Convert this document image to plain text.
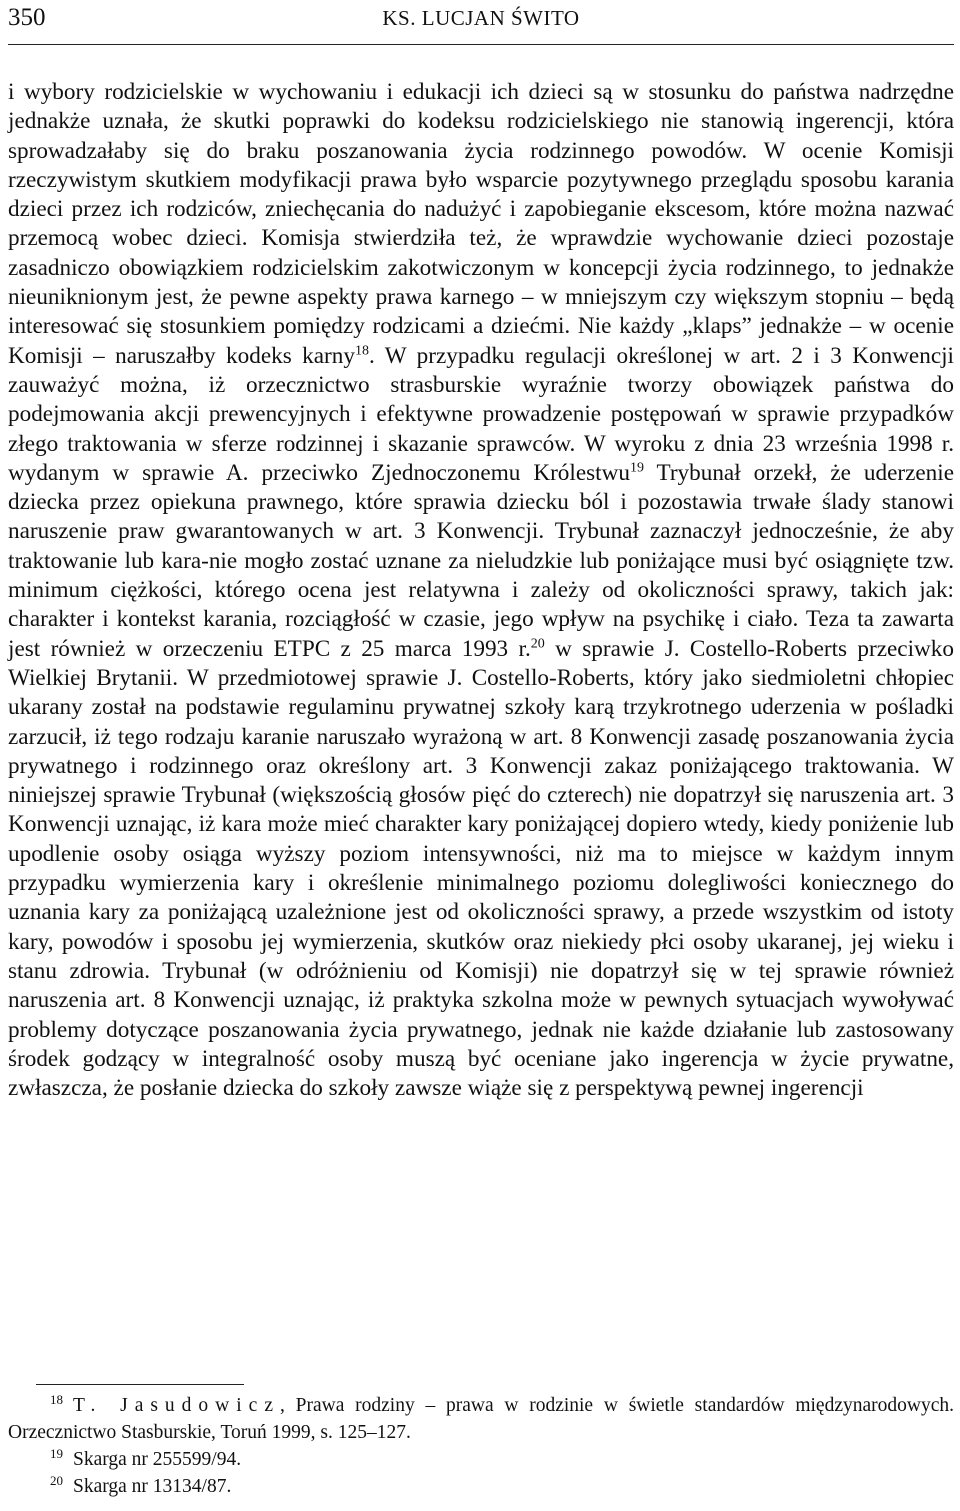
350	KS. LUCJAN ŚWITO

i wybory rodzicielskie w wychowaniu i edukacji ich dzieci są w stosunku do państwa nadrzędne jednakże uznała, że skutki poprawki do kodeksu rodzicielskiego nie stanowią ingerencji, która sprowadzałaby się do braku poszanowania życia rodzinnego powodów. W ocenie Komisji rzeczywistym skutkiem modyfikacji prawa było wsparcie pozytywnego przeglądu sposobu karania dzieci przez ich rodziców, zniechęcania do nadużyć i zapobieganie ekscesom, które można nazwać przemocą wobec dzieci. Komisja stwierdziła też, że wprawdzie wychowanie dzieci pozostaje zasadniczo obowiązkiem rodzicielskim zakotwiczonym w koncepcji życia rodzinnego, to jednakże nieuniknionym jest, że pewne aspekty prawa karnego – w mniejszym czy większym stopniu – będą interesować się stosunkiem pomiędzy rodzicami a dziećmi. Nie każdy „klaps” jednakże – w ocenie Komisji – naruszałby kodeks karny$^{18}$. W przypadku regulacji określonej w art. 2 i 3 Konwencji zauważyć można, iż orzecznictwo strasburskie wyraźnie tworzy obowiązek państwa do podejmowania akcji prewencyjnych i efektywne prowadzenie postępowań w sprawie przypadków złego traktowania w sferze rodzinnej i skazanie sprawców. W wyroku z dnia 23 września 1998 r. wydanym w sprawie A. przeciwko Zjednoczonemu Królestwu$^{19}$ Trybunał orzekł, że uderzenie dziecka przez opiekuna prawnego, które sprawia dziecku ból i pozostawia trwałe ślady stanowi naruszenie praw gwarantowanych w art. 3 Konwencji. Trybunał zaznaczył jednocześnie, że aby traktowanie lub kara-nie mogło zostać uznane za nieludzkie lub poniżające musi być osiągnięte tzw. minimum ciężkości, którego ocena jest relatywna i zależy od okoliczności sprawy, takich jak: charakter i kontekst karania, rozciągłość w czasie, jego wpływ na psychikę i ciało. Teza ta zawarta jest również w orzeczeniu ETPC z 25 marca 1993 r.$^{20}$ w sprawie J. Costello-Roberts przeciwko Wielkiej Brytanii. W przedmiotowej sprawie J. Costello-Roberts, który jako siedmioletni chłopiec ukarany został na podstawie regulaminu prywatnej szkoły karą trzykrotnego uderzenia w pośladki zarzucił, iż tego rodzaju karanie naruszało wyrażoną w art. 8 Konwencji zasadę poszanowania życia prywatnego i rodzinnego oraz określony art. 3 Konwencji zakaz poniżającego traktowania. W niniejszej sprawie Trybunał (większością głosów pięć do czterech) nie dopatrzył się naruszenia art. 3 Konwencji uznając, iż kara może mieć charakter kary poniżającej dopiero wtedy, kiedy poniżenie lub upodlenie osoby osiąga wyższy poziom intensywności, niż ma to miejsce w każdym innym przypadku wymierzenia kary i określenie minimalnego poziomu dolegliwości koniecznego do uznania kary za poniżającą uzależnione jest od okoliczności sprawy, a przede wszystkim od istoty kary, powodów i sposobu jej wymierzenia, skutków oraz niekiedy płci osoby ukaranej, jej wieku i stanu zdrowia. Trybunał (w odróżnieniu od Komisji) nie dopatrzył się w tej sprawie również naruszenia art. 8 Konwencji uznając, iż praktyka szkolna może w pewnych sytuacjach wywoływać problemy dotyczące poszanowania życia prywatnego, jednak nie każde działanie lub zastosowany środek godzący w integralność osoby muszą być oceniane jako ingerencja w życie prywatne, zwłaszcza, że posłanie dziecka do szkoły zawsze wiąże się z perspektywą pewnej ingerencji

$^{18}$ T. Jasudowicz, Prawa rodziny – prawa w rodzinie w świetle standardów międzynarodowych. Orzecznictwo Stasburskie, Toruń 1999, s. 125–127.

$^{19}$ Skarga nr 255599/94.

$^{20}$ Skarga nr 13134/87.
